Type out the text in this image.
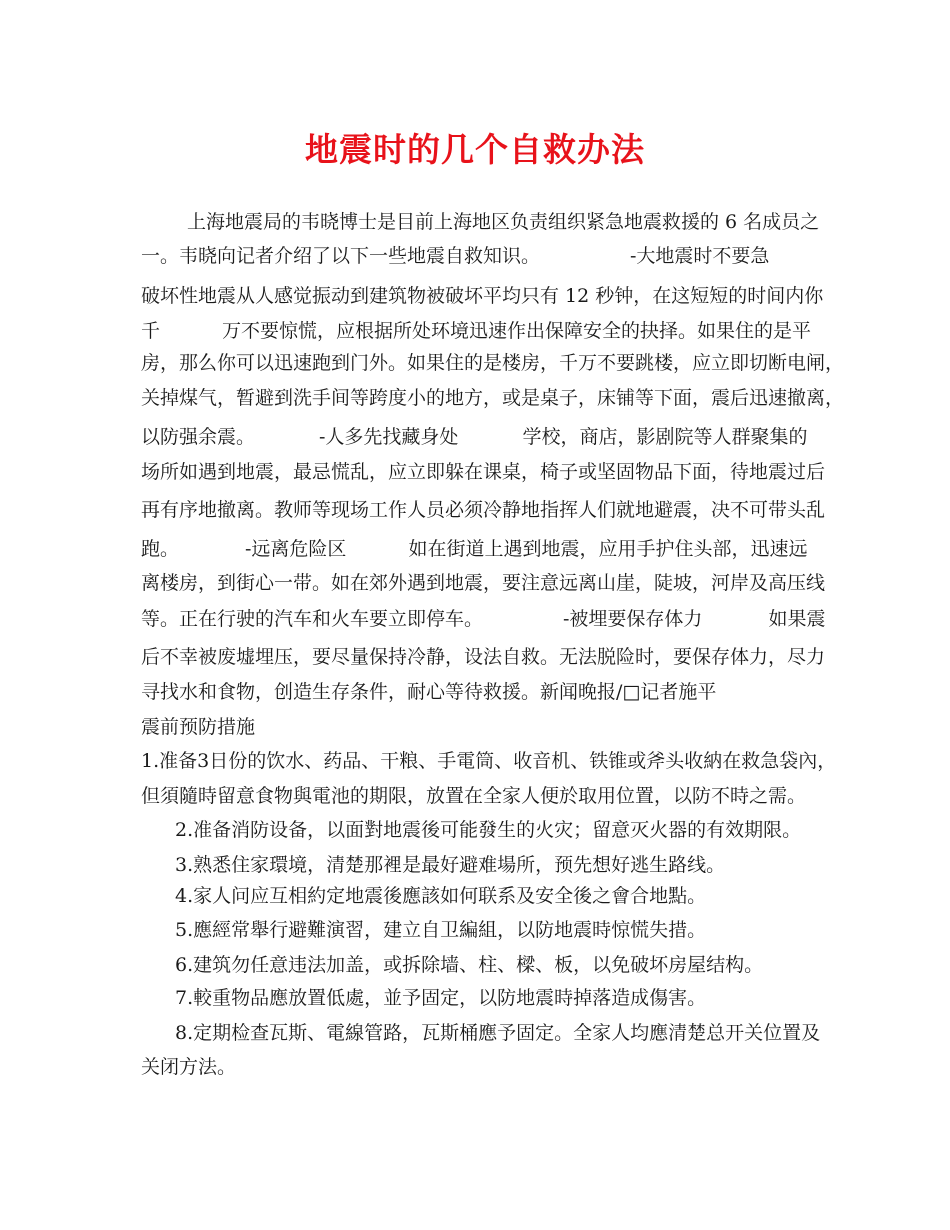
地震时的几个自救办法
上海地震局的韦晓博士是目前上海地区负责组织紧急地震救援的 6 名成员之
一。韦晓向记者介绍了以下一些地震自救知识。	-大地震时不要急
破坏性地震从人感觉振动到建筑物被破坏平均只有 12 秒钟，在这短短的时间内你
千	万不要惊慌，应根据所处环境迅速作出保障安全的抉择。如果住的是平
房，那么你可以迅速跑到门外。如果住的是楼房，千万不要跳楼，应立即切断电闸，
关掉煤气，暂避到洗手间等跨度小的地方，或是桌子，床铺等下面，震后迅速撤离，
以防强余震。	-人多先找藏身处	学校，商店，影剧院等人群聚集的
场所如遇到地震，最忌慌乱，应立即躲在课桌，椅子或坚固物品下面，待地震过后
再有序地撤离。教师等现场工作人员必须冷静地指挥人们就地避震，决不可带头乱
跑。	-远离危险区	如在街道上遇到地震，应用手护住头部，迅速远
离楼房，到街心一带。如在郊外遇到地震，要注意远离山崖，陡坡，河岸及高压线
等。正在行驶的汽车和火车要立即停车。	-被埋要保存体力	如果震
后不幸被废墟埋压，要尽量保持冷静，设法自救。无法脱险时，要保存体力，尽力
寻找水和食物，创造生存条件，耐心等待救援。新闻晚报/□记者施平
震前预防措施
1.准备3日份的饮水、药品、干粮、手電筒、收音机、铁锥或斧头收納在救急袋內，
但須隨時留意食物與電池的期限，放置在全家人便於取用位置，以防不時之需。
2.准备消防设备，以面對地震後可能發生的火灾；留意灭火器的有效期限。
3.熟悉住家環境，清楚那裡是最好避难場所，预先想好逃生路线。
4.家人问应互相約定地震後應該如何联系及安全後之會合地點。
5.應經常舉行避難演習，建立自卫編組，以防地震時惊慌失措。
6.建筑勿任意违法加盖，或拆除墙、柱、樑、板，以免破坏房屋结构。
7.較重物品應放置低處，並予固定，以防地震時掉落造成傷害。
8.定期检查瓦斯、電線管路，瓦斯桶應予固定。全家人均應清楚总开关位置及
关闭方法。
